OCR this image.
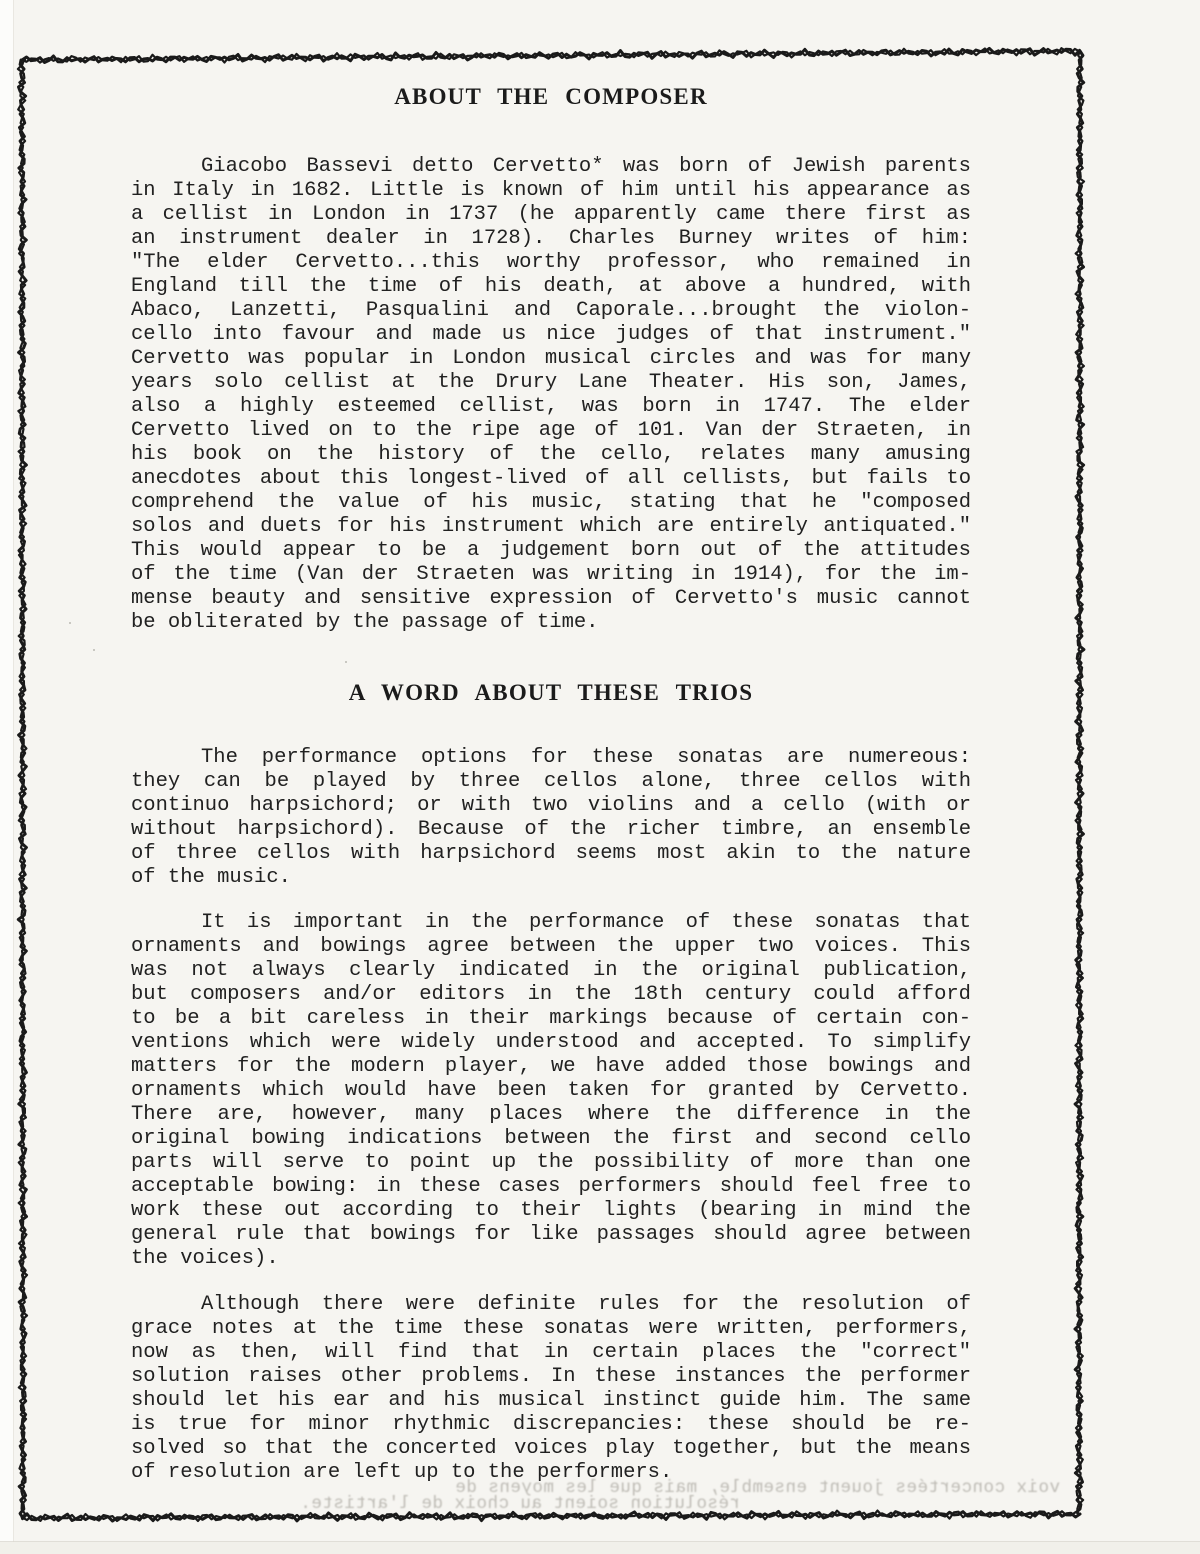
ABOUT THE COMPOSER
Giacobo Bassevi detto Cervetto* was born of Jewish parents
in Italy in 1682. Little is known of him until his appearance as
a cellist in London in 1737 (he apparently came there first as
an instrument dealer in 1728). Charles Burney writes of him:
"The elder Cervetto...this worthy professor, who remained in
England till the time of his death, at above a hundred, with
Abaco, Lanzetti, Pasqualini and Caporale...brought the violon-
cello into favour and made us nice judges of that instrument."
Cervetto was popular in London musical circles and was for many
years solo cellist at the Drury Lane Theater. His son, James,
also a highly esteemed cellist, was born in 1747. The elder
Cervetto lived on to the ripe age of 101. Van der Straeten, in
his book on the history of the cello, relates many amusing
anecdotes about this longest-lived of all cellists, but fails to
comprehend the value of his music, stating that he "composed
solos and duets for his instrument which are entirely antiquated."
This would appear to be a judgement born out of the attitudes
of the time (Van der Straeten was writing in 1914), for the im-
mense beauty and sensitive expression of Cervetto's music cannot
be obliterated by the passage of time.
A WORD ABOUT THESE TRIOS
The performance options for these sonatas are numereous:
they can be played by three cellos alone, three cellos with
continuo harpsichord; or with two violins and a cello (with or
without harpsichord). Because of the richer timbre, an ensemble
of three cellos with harpsichord seems most akin to the nature
of the music.
It is important in the performance of these sonatas that
ornaments and bowings agree between the upper two voices. This
was not always clearly indicated in the original publication,
but composers and/or editors in the 18th century could afford
to be a bit careless in their markings because of certain con-
ventions which were widely understood and accepted. To simplify
matters for the modern player, we have added those bowings and
ornaments which would have been taken for granted by Cervetto.
There are, however, many places where the difference in the
original bowing indications between the first and second cello
parts will serve to point up the possibility of more than one
acceptable bowing: in these cases performers should feel free to
work these out according to their lights (bearing in mind the
general rule that bowings for like passages should agree between
the voices).
Although there were definite rules for the resolution of
grace notes at the time these sonatas were written, performers,
now as then, will find that in certain places the "correct"
solution raises other problems. In these instances the performer
should let his ear and his musical instinct guide him. The same
is true for minor rhythmic discrepancies: these should be re-
solved so that the concerted voices play together, but the means
of resolution are left up to the performers.
voix concertées jouent ensemble, mais que les moyens de
résolution soient au choix de l'artiste.
